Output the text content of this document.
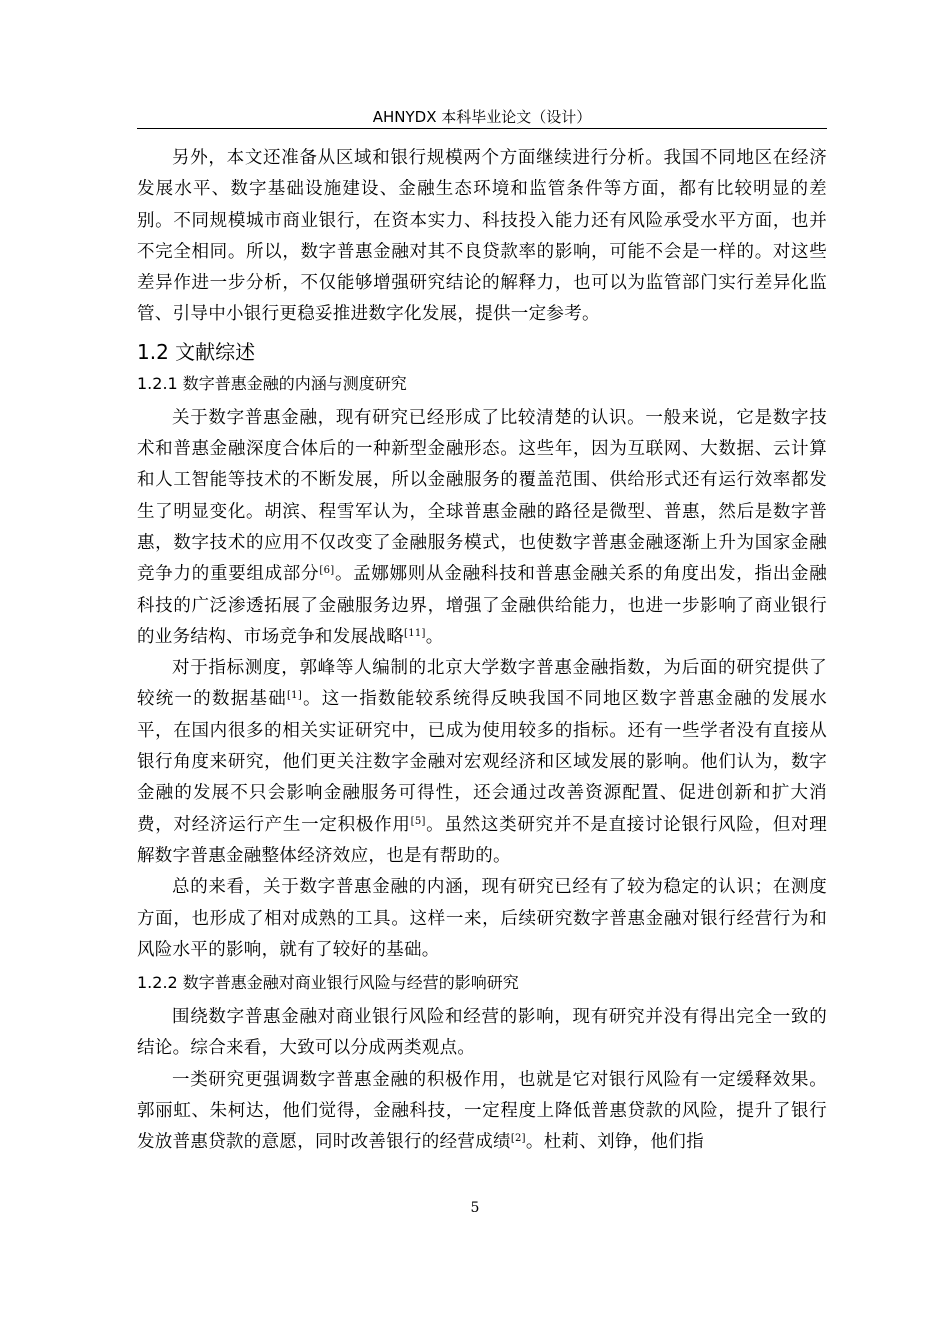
AHNYDX 本科毕业论文（设计）

另外，本文还准备从区域和银行规模两个方面继续进行分析。我国不同地区在经济发展水平、数字基础设施建设、金融生态环境和监管条件等方面，都有比较明显的差别。不同规模城市商业银行，在资本实力、科技投入能力还有风险承受水平方面，也并不完全相同。所以，数字普惠金融对其不良贷款率的影响，可能不会是一样的。对这些差异作进一步分析，不仅能够增强研究结论的解释力，也可以为监管部门实行差异化监管、引导中小银行更稳妥推进数字化发展，提供一定参考。

1.2 文献综述
1.2.1 数字普惠金融的内涵与测度研究

关于数字普惠金融，现有研究已经形成了比较清楚的认识。一般来说，它是数字技术和普惠金融深度合体后的一种新型金融形态。这些年，因为互联网、大数据、云计算和人工智能等技术的不断发展，所以金融服务的覆盖范围、供给形式还有运行效率都发生了明显变化。胡滨、程雪军认为，全球普惠金融的路径是微型、普惠，然后是数字普惠，数字技术的应用不仅改变了金融服务模式，也使数字普惠金融逐渐上升为国家金融竞争力的重要组成部分[6]。孟娜娜则从金融科技和普惠金融关系的角度出发，指出金融科技的广泛渗透拓展了金融服务边界，增强了金融供给能力，也进一步影响了商业银行的业务结构、市场竞争和发展战略[11]。

对于指标测度，郭峰等人编制的北京大学数字普惠金融指数，为后面的研究提供了较统一的数据基础[1]。这一指数能较系统得反映我国不同地区数字普惠金融的发展水平，在国内很多的相关实证研究中，已成为使用较多的指标。还有一些学者没有直接从银行角度来研究，他们更关注数字金融对宏观经济和区域发展的影响。他们认为，数字金融的发展不只会影响金融服务可得性，还会通过改善资源配置、促进创新和扩大消费，对经济运行产生一定积极作用[5]。虽然这类研究并不是直接讨论银行风险，但对理解数字普惠金融整体经济效应，也是有帮助的。

总的来看，关于数字普惠金融的内涵，现有研究已经有了较为稳定的认识；在测度方面，也形成了相对成熟的工具。这样一来，后续研究数字普惠金融对银行经营行为和风险水平的影响，就有了较好的基础。

1.2.2 数字普惠金融对商业银行风险与经营的影响研究

围绕数字普惠金融对商业银行风险和经营的影响，现有研究并没有得出完全一致的结论。综合来看，大致可以分成两类观点。

一类研究更强调数字普惠金融的积极作用，也就是它对银行风险有一定缓释效果。郭丽虹、朱柯达，他们觉得，金融科技，一定程度上降低普惠贷款的风险，提升了银行发放普惠贷款的意愿，同时改善银行的经营成绩[2]。杜莉、刘铮，他们指

5
